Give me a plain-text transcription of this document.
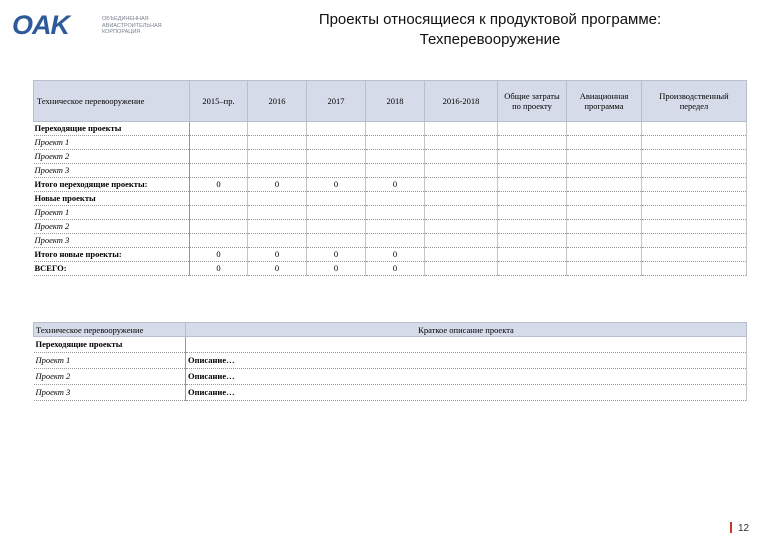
OAK	ОБЪЕДИНЕННАЯ АВИАСТРОИТЕЛЬНАЯ КОРПОРАЦИЯ
Проекты относящиеся к продуктовой программе:
Техперевооружение
Техническое перевооружение	2015–пр.	2016	2017	2018	2016-2018	Общие затраты по проекту	Авиационная программа	Производственный передел
Переходящие проекты								
Проект 1								
Проект 2								
Проект 3								
Итого переходящие проекты:	0	0	0	0				
Новые проекты								
Проект 1								
Проект 2								
Проект 3								
Итого новые проекты:	0	0	0	0				
ВСЕГО:	0	0	0	0				
Техническое перевооружение	Краткое описание проекта
Переходящие проекты	
Проект 1	Описание…
Проект 2	Описание…
Проект 3	Описание…
12
